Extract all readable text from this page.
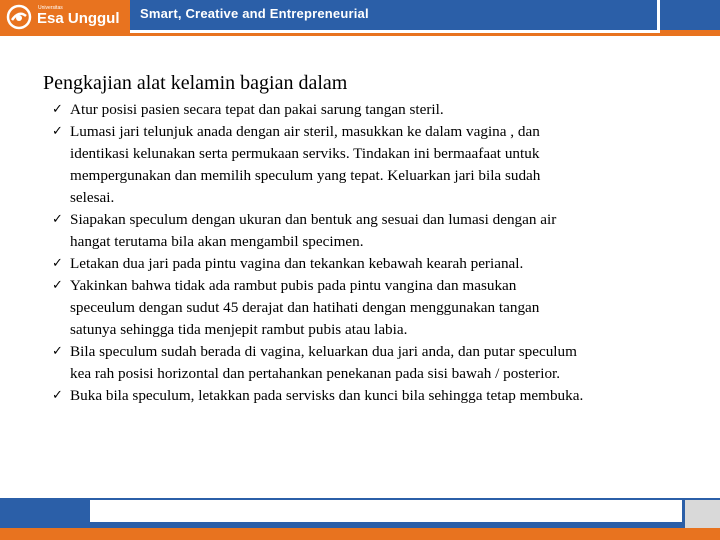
Universitas
Esa Unggul Smart, Creative and Entrepreneurial
Pengkajian alat kelamin bagian dalam
✓ Atur posisi pasien secara tepat dan pakai sarung tangan steril.
✓ Lumasi jari telunjuk anada dengan air steril, masukkan ke dalam vagina , dan
identikasi kelunakan serta permukaan serviks. Tindakan ini bermaafaat untuk
mempergunakan dan memilih speculum yang tepat. Keluarkan jari bila sudah
selesai.
✓ Siapakan speculum dengan ukuran dan bentuk ang sesuai dan lumasi dengan air
hangat terutama bila akan mengambil specimen.
✓ Letakan dua jari pada pintu vagina dan tekankan kebawah kearah perianal.
✓ Yakinkan bahwa tidak ada rambut pubis pada pintu vangina dan masukan
speceulum dengan sudut 45 derajat dan hatihati dengan menggunakan tangan
satunya sehingga tida menjepit rambut pubis atau labia.
✓ Bila speculum sudah berada di vagina, keluarkan dua jari anda, dan putar speculum
kea rah posisi horizontal dan pertahankan penekanan pada sisi bawah / posterior.
✓ Buka bila speculum, letakkan pada servisks dan kunci bila sehingga tetap membuka.
